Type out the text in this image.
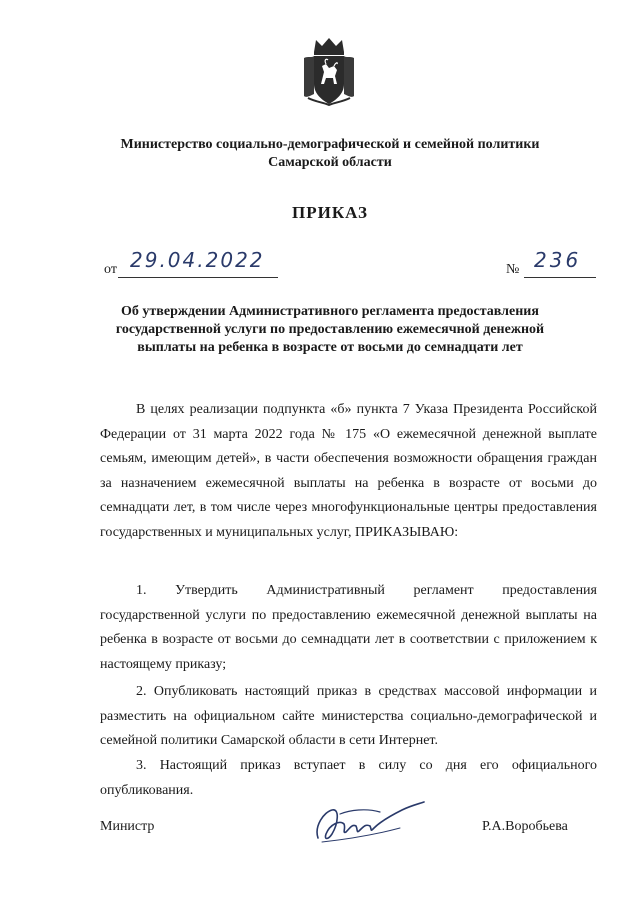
Министерство социально-демографической и семейной политики
Самарской области
ПРИКАЗ
от 29.04.2022	№ 236
Об утверждении Административного регламента предоставления государственной услуги по предоставлению ежемесячной денежной выплаты на ребенка в возрасте от восьми до семнадцати лет
В целях реализации подпункта «б» пункта 7 Указа Президента Российской Федерации от 31 марта 2022 года № 175 «О ежемесячной денежной выплате семьям, имеющим детей», в части обеспечения возможности обращения граждан за назначением ежемесячной выплаты на ребенка в возрасте от восьми до семнадцати лет, в том числе через многофункциональные центры предоставления государственных и муниципальных услуг, ПРИКАЗЫВАЮ:
1. Утвердить Административный регламент предоставления государственной услуги по предоставлению ежемесячной денежной выплаты на ребенка в возрасте от восьми до семнадцати лет в соответствии с приложением к настоящему приказу;
2. Опубликовать настоящий приказ в средствах массовой информации и разместить на официальном сайте министерства социально-демографической и семейной политики Самарской области в сети Интернет.
3. Настоящий приказ вступает в силу со дня его официального опубликования.
Министр	Р.А.Воробьева
